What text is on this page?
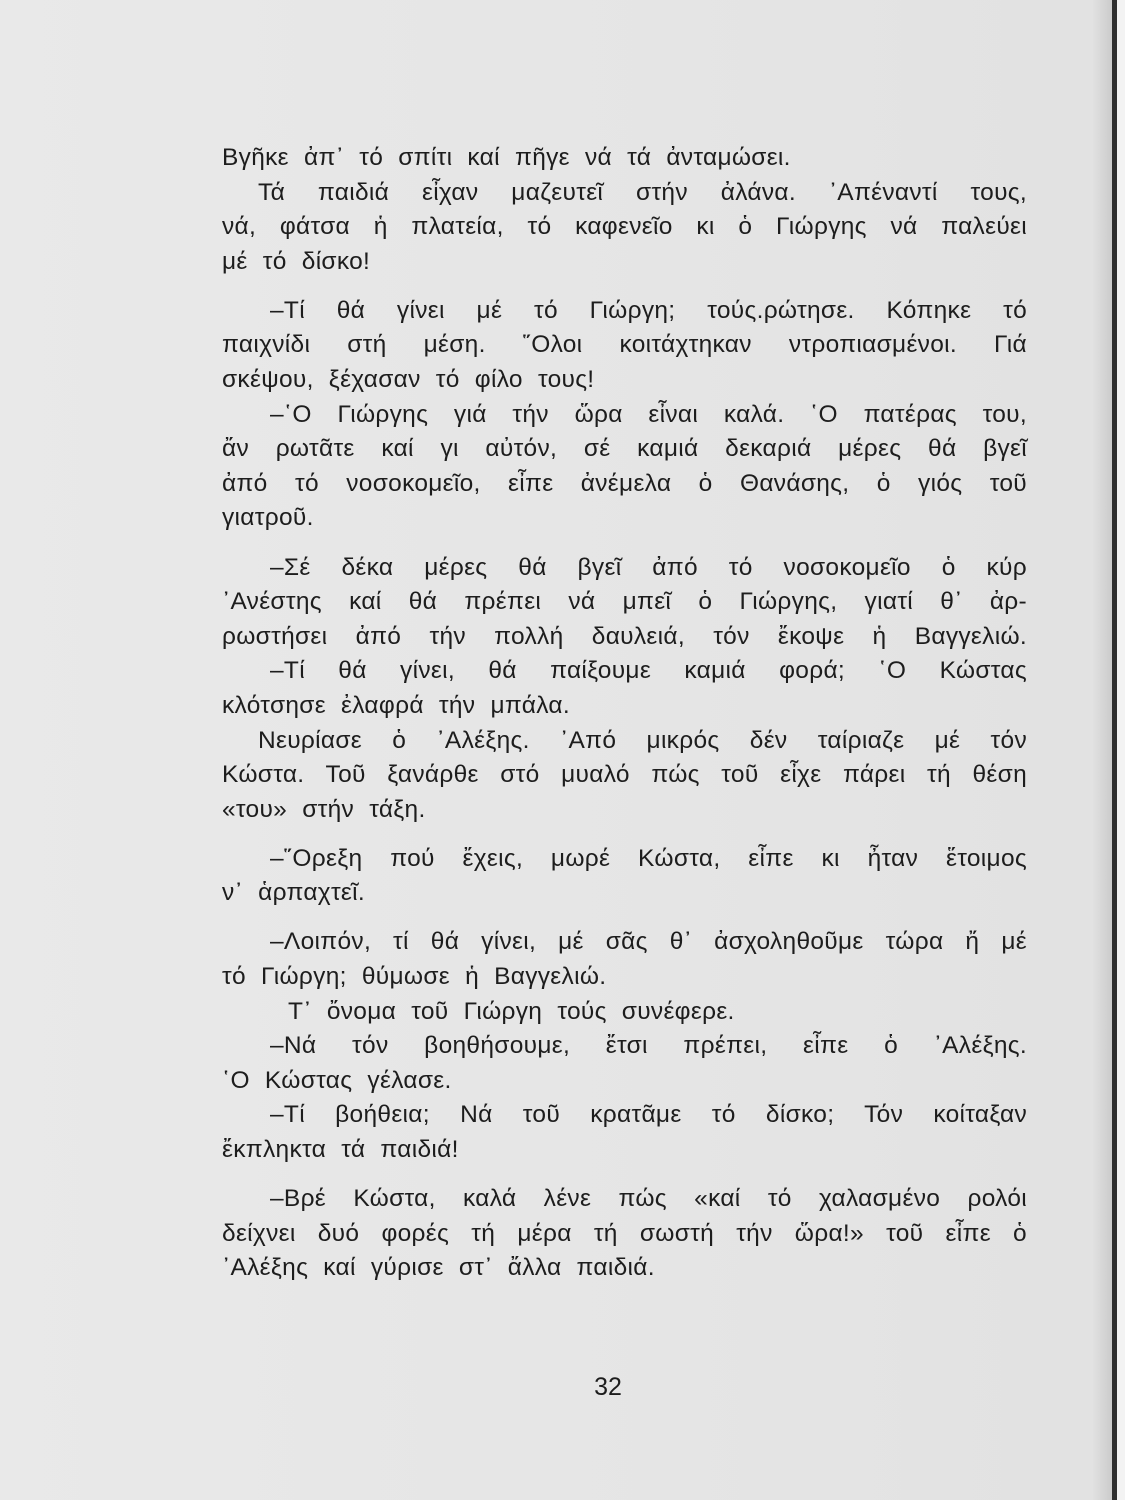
Βγῆκε ἀπ᾽ τό σπίτι καί πῆγε νά τά ἀνταμώσει.
Τά παιδιά εἶχαν μαζευτεῖ στήν ἀλάνα. ᾽Απέναντί τους,
νά, φάτσα ἡ πλατεία, τό καφενεῖο κι ὁ Γιώργης νά παλεύει
μέ τό δίσκο!
–Τί θά γίνει μέ τό Γιώργη; τούς.ρώτησε. Κόπηκε τό
παιχνίδι στή μέση. ῞Ολοι κοιτάχτηκαν ντροπιασμένοι. Γιά
σκέψου, ξέχασαν τό φίλο τους!
–῾Ο Γιώργης γιά τήν ὥρα εἶναι καλά. ῾Ο πατέρας του,
ἄν ρωτᾶτε καί γι αὐτόν, σέ καμιά δεκαριά μέρες θά βγεῖ
ἀπό τό νοσοκομεῖο, εἶπε ἀνέμελα ὁ Θανάσης, ὁ γιός τοῦ
γιατροῦ.
–Σέ δέκα μέρες θά βγεῖ ἀπό τό νοσοκομεῖο ὁ κύρ
᾽Ανέστης καί θά πρέπει νά μπεῖ ὁ Γιώργης, γιατί θ᾽ ἀρ-
ρωστήσει ἀπό τήν πολλή δαυλειά, τόν ἔκοψε ἡ Βαγγελιώ.
–Τί θά γίνει, θά παίξουμε καμιά φορά; ῾Ο Κώστας
κλότσησε ἐλαφρά τήν μπάλα.
Νευρίασε ὁ ᾽Αλέξης. ᾽Από μικρός δέν ταίριαζε μέ τόν
Κώστα. Τοῦ ξανάρθε στό μυαλό πώς τοῦ εἶχε πάρει τή θέση
«του» στήν τάξη.
–῞Ορεξη πού ἔχεις, μωρέ Κώστα, εἶπε κι ἦταν ἕτοιμος
ν᾽ ἁρπαχτεῖ.
–Λοιπόν, τί θά γίνει, μέ σᾶς θ᾽ ἀσχοληθοῦμε τώρα ἤ μέ
τό Γιώργη; θύμωσε ἡ Βαγγελιώ.
Τ᾽ ὄνομα τοῦ Γιώργη τούς συνέφερε.
–Νά τόν βοηθήσουμε, ἔτσι πρέπει, εἶπε ὁ ᾽Αλέξης.
῾Ο Κώστας γέλασε.
–Τί βοήθεια; Νά τοῦ κρατᾶμε τό δίσκο; Τόν κοίταξαν
ἔκπληκτα τά παιδιά!
–Βρέ Κώστα, καλά λένε πώς «καί τό χαλασμένο ρολόι
δείχνει δυό φορές τή μέρα τή σωστή τήν ὥρα!» τοῦ εἶπε ὁ
᾽Αλέξης καί γύρισε στ᾽ ἄλλα παιδιά.
32
